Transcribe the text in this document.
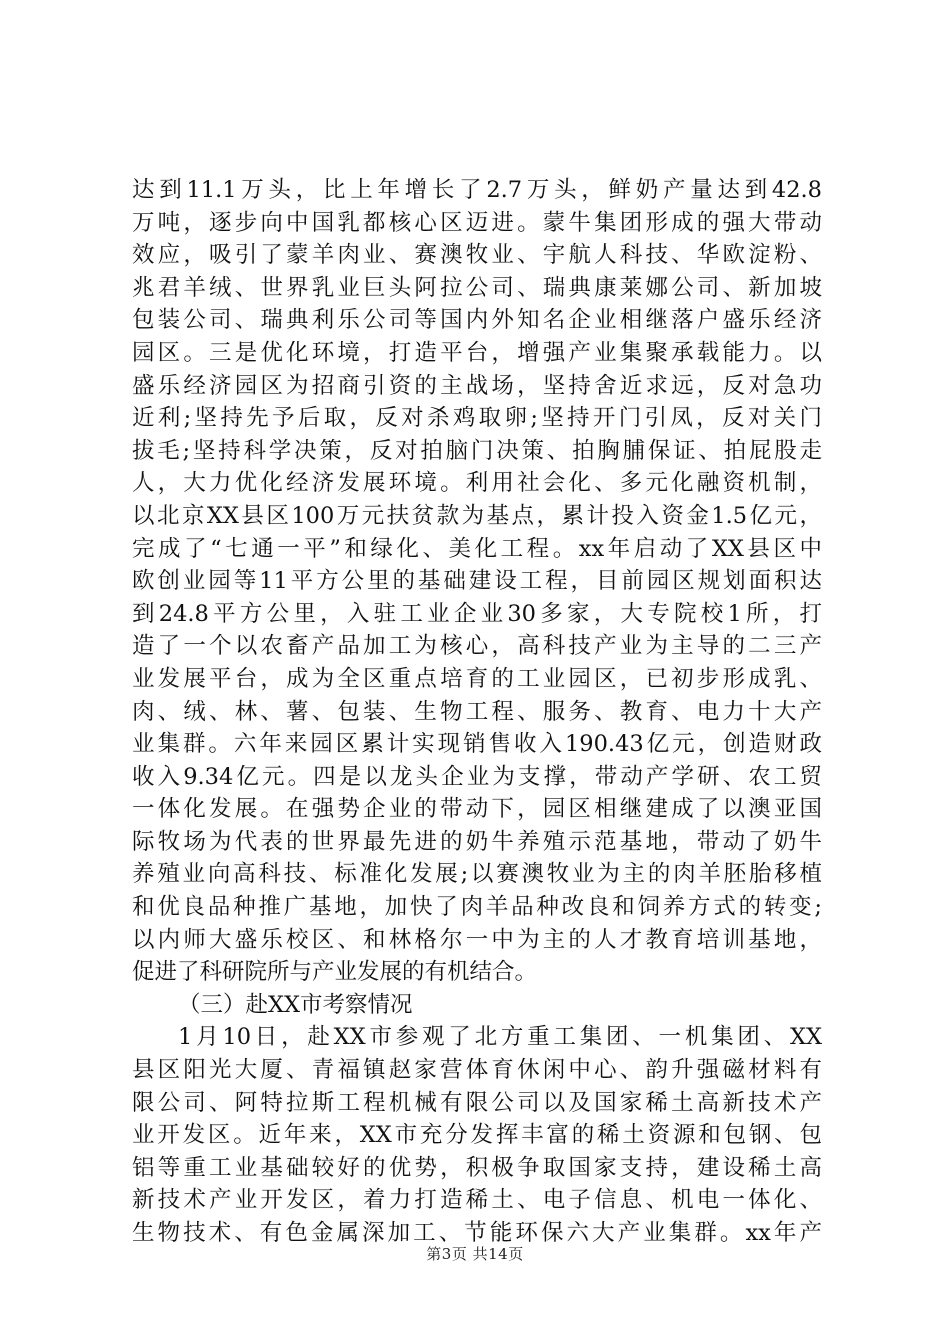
达到11.1万头，比上年增长了2.7万头，鲜奶产量达到42.8
万吨，逐步向中国乳都核心区迈进。蒙牛集团形成的强大带动
效应，吸引了蒙羊肉业、赛澳牧业、宇航人科技、华欧淀粉、
兆君羊绒、世界乳业巨头阿拉公司、瑞典康莱娜公司、新加坡
包装公司、瑞典利乐公司等国内外知名企业相继落户盛乐经济
园区。三是优化环境，打造平台，增强产业集聚承载能力。以
盛乐经济园区为招商引资的主战场，坚持舍近求远，反对急功
近利;坚持先予后取，反对杀鸡取卵;坚持开门引凤，反对关门
拔毛;坚持科学决策，反对拍脑门决策、拍胸脯保证、拍屁股走
人，大力优化经济发展环境。利用社会化、多元化融资机制，
以北京XX县区100万元扶贫款为基点，累计投入资金1.5亿元，
完成了“七通一平”和绿化、美化工程。xx年启动了XX县区中
欧创业园等11平方公里的基础建设工程，目前园区规划面积达
到24.8平方公里，入驻工业企业30多家，大专院校1所，打
造了一个以农畜产品加工为核心，高科技产业为主导的二三产
业发展平台，成为全区重点培育的工业园区，已初步形成乳、
肉、绒、林、薯、包装、生物工程、服务、教育、电力十大产
业集群。六年来园区累计实现销售收入190.43亿元，创造财政
收入9.34亿元。四是以龙头企业为支撑，带动产学研、农工贸
一体化发展。在强势企业的带动下，园区相继建成了以澳亚国
际牧场为代表的世界最先进的奶牛养殖示范基地，带动了奶牛
养殖业向高科技、标准化发展;以赛澳牧业为主的肉羊胚胎移植
和优良品种推广基地，加快了肉羊品种改良和饲养方式的转变;
以内师大盛乐校区、和林格尔一中为主的人才教育培训基地，
促进了科研院所与产业发展的有机结合。
（三）赴XX市考察情况
1月10日，赴XX市参观了北方重工集团、一机集团、XX
县区阳光大厦、青福镇赵家营体育休闲中心、韵升强磁材料有
限公司、阿特拉斯工程机械有限公司以及国家稀土高新技术产
业开发区。近年来，XX市充分发挥丰富的稀土资源和包钢、包
铝等重工业基础较好的优势，积极争取国家支持，建设稀土高
新技术产业开发区，着力打造稀土、电子信息、机电一体化、
生物技术、有色金属深加工、节能环保六大产业集群。xx年产
第3页 共14页
